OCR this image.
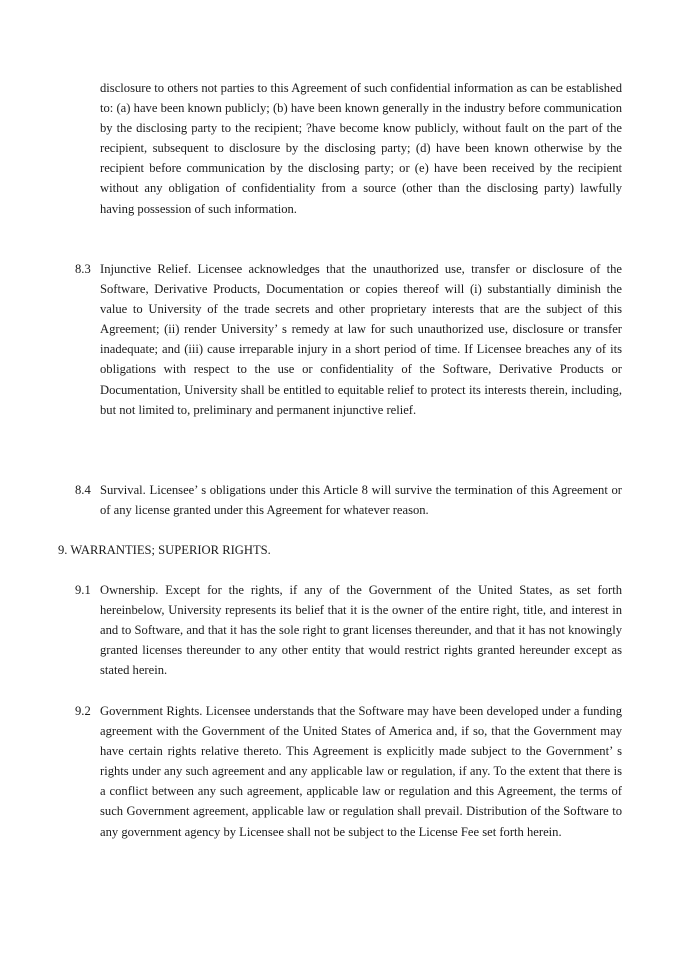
disclosure to others not parties to this Agreement of such confidential information as can be established to: (a) have been known publicly; (b) have been known generally in the industry before communication by the disclosing party to the recipient; ?have become know publicly, without fault on the part of the recipient, subsequent to disclosure by the disclosing party; (d) have been known otherwise by the recipient before communication by the disclosing party; or (e) have been received by the recipient without any obligation of confidentiality from a source (other than the disclosing party) lawfully having possession of such information.

8.3 Injunctive Relief. Licensee acknowledges that the unauthorized use, transfer or disclosure of the Software, Derivative Products, Documentation or copies thereof will (i) substantially diminish the value to University of the trade secrets and other proprietary interests that are the subject of this Agreement; (ii) render University’ s remedy at law for such unauthorized use, disclosure or transfer inadequate; and (iii) cause irreparable injury in a short period of time. If Licensee breaches any of its obligations with respect to the use or confidentiality of the Software, Derivative Products or Documentation, University shall be entitled to equitable relief to protect its interests therein, including, but not limited to, preliminary and permanent injunctive relief.
8.4 Survival. Licensee’ s obligations under this Article 8 will survive the termination of this Agreement or of any license granted under this Agreement for whatever reason.
9. WARRANTIES; SUPERIOR RIGHTS.
9.1 Ownership. Except for the rights, if any of the Government of the United States, as set forth hereinbelow, University represents its belief that it is the owner of the entire right, title, and interest in and to Software, and that it has the sole right to grant licenses thereunder, and that it has not knowingly granted licenses thereunder to any other entity that would restrict rights granted hereunder except as stated herein.
9.2 Government Rights. Licensee understands that the Software may have been developed under a funding agreement with the Government of the United States of America and, if so, that the Government may have certain rights relative thereto. This Agreement is explicitly made subject to the Government’ s rights under any such agreement and any applicable law or regulation, if any. To the extent that there is a conflict between any such agreement, applicable law or regulation and this Agreement, the terms of such Government agreement, applicable law or regulation shall prevail. Distribution of the Software to any government agency by Licensee shall not be subject to the License Fee set forth herein.
